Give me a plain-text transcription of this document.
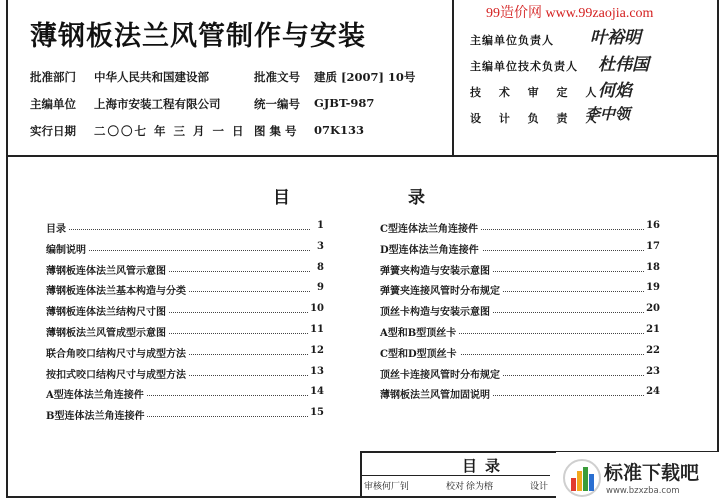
99造价网 www.99zaojia.com
薄钢板法兰风管制作与安装
批准部门 中华人民共和国建设部	批准文号 建质 [2007] 10号
主编单位 上海市安装工程有限公司	统一编号 GJBT-987
实行日期 二〇〇七 年 三 月 一 日 图 集 号 07K133
主编单位负责人 叶裕明
主编单位技术负责人 杜伟国
技 术 审 定 人
何焰
设 计 负 责 人
李中领
目	录
目录	1
编制说明	3
薄钢板连体法兰风管示意图	8
薄钢板连体法兰基本构造与分类	9
薄钢板连体法兰结构尺寸图	10
薄钢板法兰风管成型示意图	11
联合角咬口结构尺寸与成型方法	12
按扣式咬口结构尺寸与成型方法	13
A型连体法兰角连接件	14
B型连体法兰角连接件	15
C型连体法兰角连接件	16
D型连体法兰角连接件	17
弹簧夹构造与安装示意图	18
弹簧夹连接风管时分布规定	19
顶丝卡构造与安装示意图	20
A型和B型顶丝卡	21
C型和D型顶丝卡	22
顶丝卡连接风管时分布规定	23
薄钢板法兰风管加固说明	24
目录
审核 何厂钊	校对 徐为榕	设计
标准下载吧
www.bzxzba.com
